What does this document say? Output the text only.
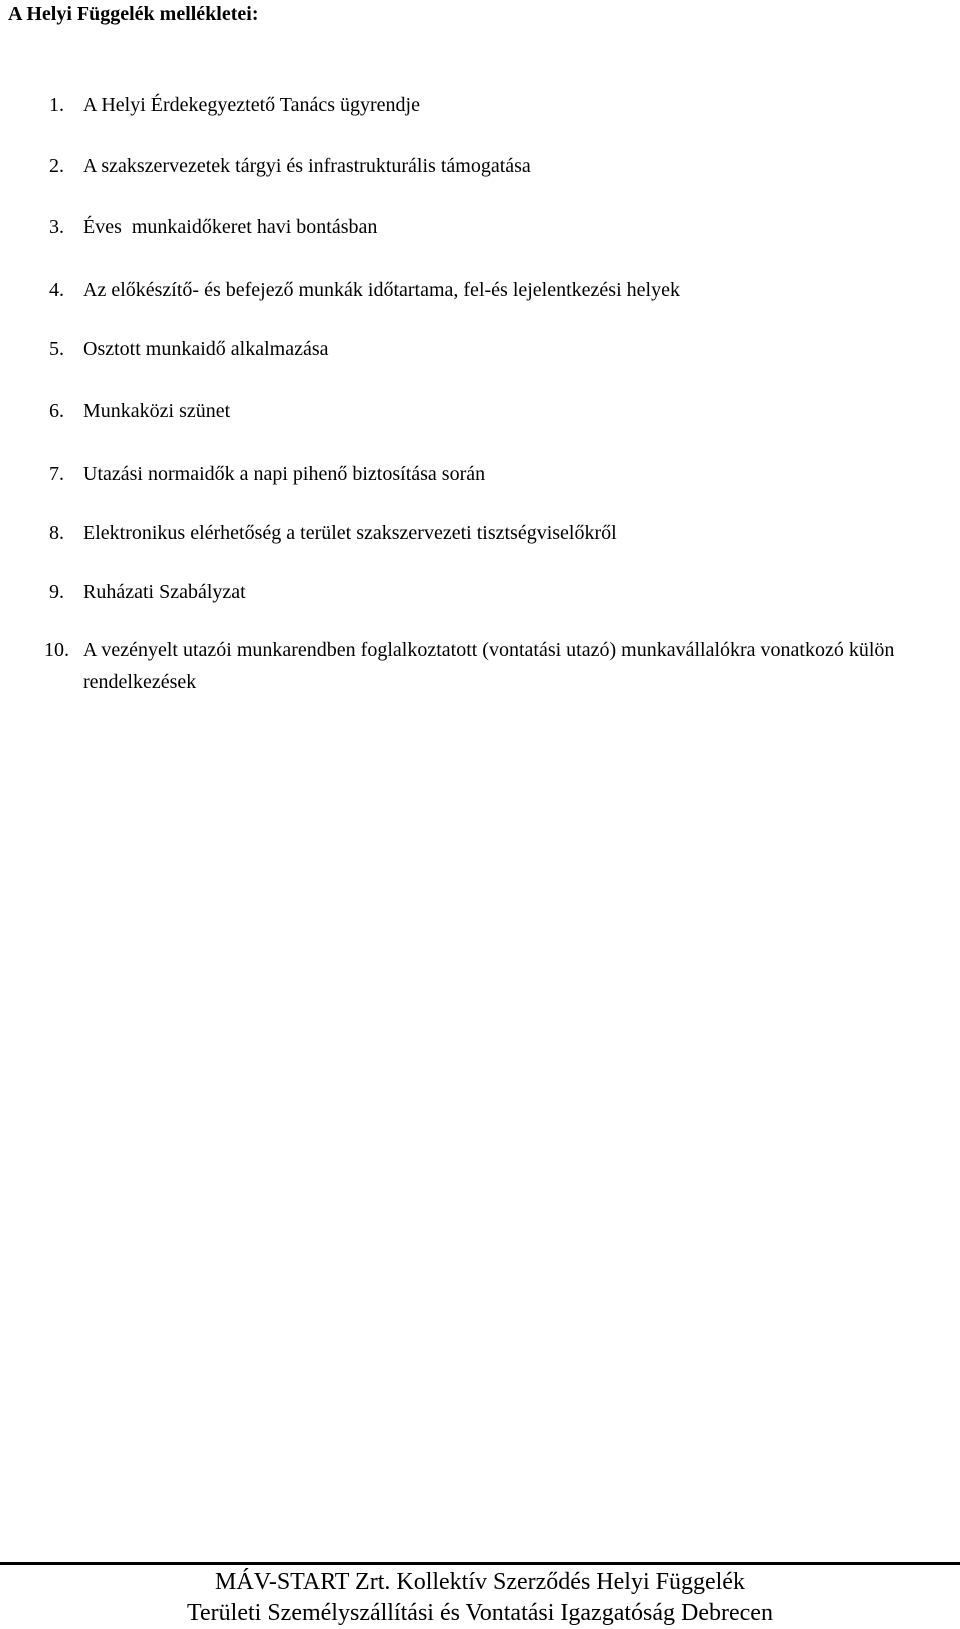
A Helyi Függelék mellékletei:
1. A Helyi Érdekegyeztető Tanács ügyrendje
2. A szakszervezetek tárgyi és infrastrukturális támogatása
3. Éves  munkaidőkeret havi bontásban
4. Az előkészítő- és befejező munkák időtartama, fel-és lejelentkezési helyek
5. Osztott munkaidő alkalmazása
6. Munkaközi szünet
7. Utazási normaidők a napi pihenő biztosítása során
8. Elektronikus elérhetőség a terület szakszervezeti tisztségviselőkről
9. Ruházati Szabályzat
10. A vezényelt utazói munkarendben foglalkoztatott (vontatási utazó) munkavállalókra vonatkozó külön rendelkezések
MÁV-START Zrt. Kollektív Szerződés Helyi Függelék
Területi Személyszállítási és Vontatási Igazgatóság Debrecen
